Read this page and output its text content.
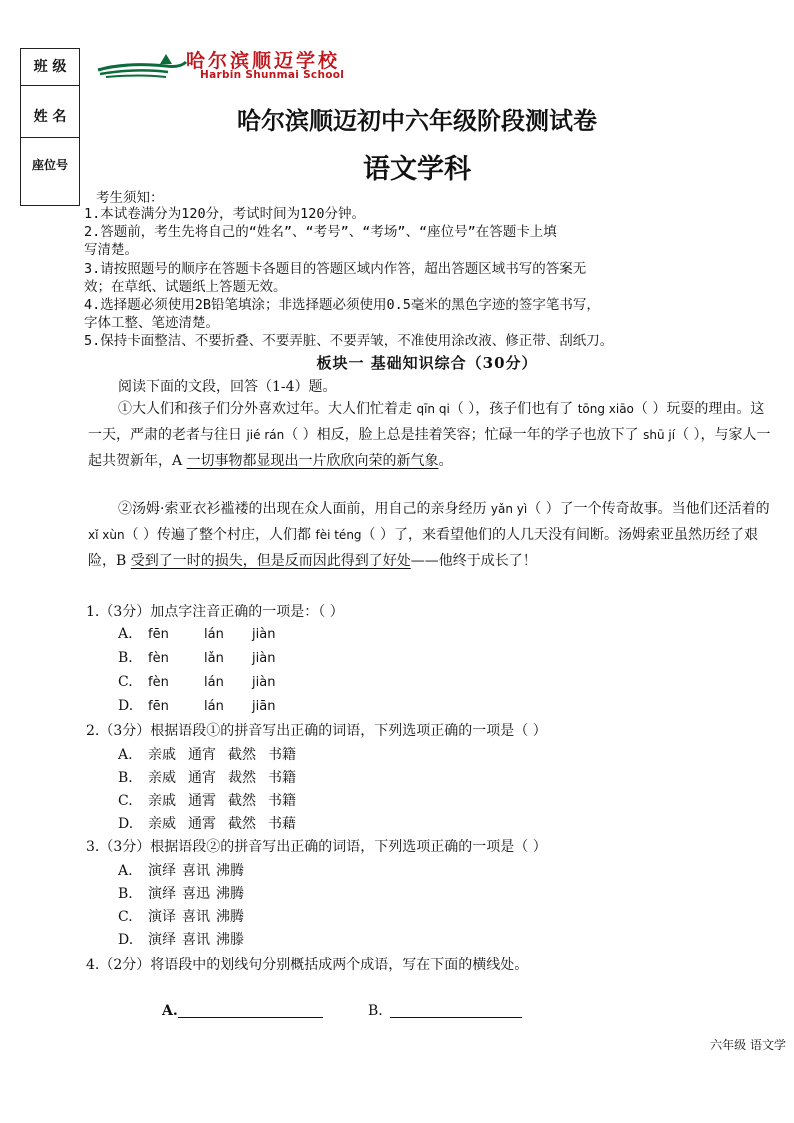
班 级
姓 名
座位号
哈尔滨顺迈学校
Harbin Shunmai School
哈尔滨顺迈初中六年级阶段测试卷
语文学科
考生须知：
1.本试卷满分为120分，考试时间为120分钟。
2.答题前，考生先将自己的“姓名”、“考号”、“考场”、“座位号”在答题卡上填
写清楚。
3.请按照题号的顺序在答题卡各题目的答题区域内作答，超出答题区域书写的答案无
效；在草纸、试题纸上答题无效。
4.选择题必须使用2B铅笔填涂；非选择题必须使用0.5毫米的黑色字迹的签字笔书写，
字体工整、笔迹清楚。
5.保持卡面整洁、不要折叠、不要弄脏、不要弄皱，不准使用涂改液、修正带、刮纸刀。
板块一 基础知识综合（30分）
阅读下面的文段，回答（1-4）题。
①大人们和孩子们分外喜欢过年。大人们忙着走 qīn qi（ ），孩子们也有了 tōng xiāo（ ）玩耍的理由。这一天，严肃的老者与往日 jié rán（ ）相反，脸上总是挂着笑容；忙碌一年的学子也放下了 shū jí（ ），与家人一起共贺新年，A 一切事物都显现出一片欣欣向荣的新气象。
②汤姆·索亚衣衫褴褛的出现在众人面前，用自己的亲身经历 yǎn yì（ ）了一个传奇故事。当他们还活着的 xǐ xùn（ ）传遍了整个村庄，人们都 fèi téng（ ）了，来看望他们的人几天没有间断。汤姆索亚虽然历经了艰险，B 受到了一时的损失，但是反而因此得到了好处——他终于成长了！
1.（3分）加点字注音正确的一项是：（ ）
A. fēn	lán jiàn
B. fèn	lǎn jiàn
C. fèn	lán jiàn
D. fēn	lán jiān
2.（3分）根据语段①的拼音写出正确的词语，下列选项正确的一项是（ ）
A. 亲戚 通宵 截然 书籍
B. 亲威 通宵 裁然 书籍
C. 亲戚 通霄 截然 书籍
D. 亲威 通霄 截然 书藉
3.（3分）根据语段②的拼音写出正确的词语，下列选项正确的一项是（ ）
A. 演绎 喜讯 沸腾
B. 演绎 喜迅 沸腾
C. 演译 喜讯 沸腾
D. 演绎 喜讯 沸滕
4.（2分）将语段中的划线句分别概括成两个成语，写在下面的横线处。
A.	B.
六年级 语文学
